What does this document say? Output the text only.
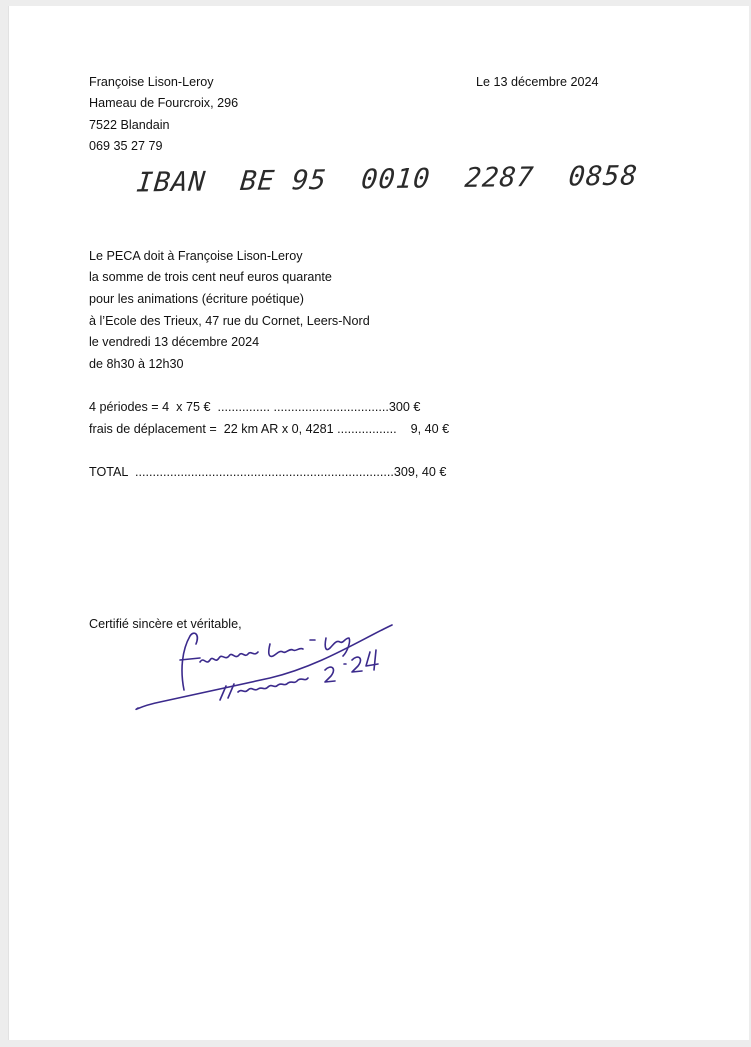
Françoise Lison-Leroy	Le 13 décembre 2024
Hameau de Fourcroix, 296
7522 Blandain
069 35 27 79
IBAN  BE 95  0010  2287  0858
Le PECA doit à Françoise Lison-Leroy
la somme de trois cent neuf euros quarante
pour les animations (écriture poétique)
à l’Ecole des Trieux, 47 rue du Cornet, Leers-Nord
le vendredi 13 décembre 2024
de 8h30 à 12h30
4 périodes = 4  x 75 €  ............... .................................300 €
frais de déplacement =  22 km AR x 0, 4281 .................    9, 40 €
TOTAL  ..........................................................................309, 40 €
Certifié sincère et véritable,
